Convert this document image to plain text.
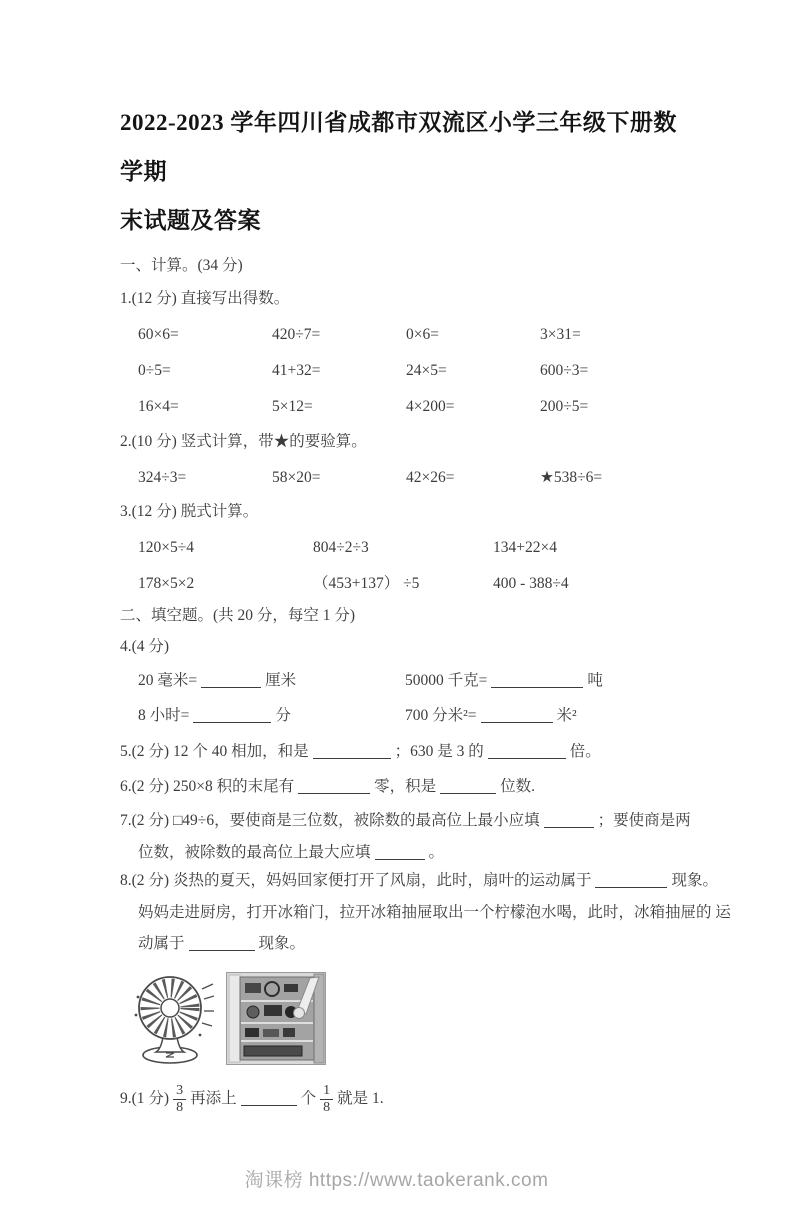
2022-2023 学年四川省成都市双流区小学三年级下册数学期
末试题及答案
一、计算。(34 分)
1.(12 分) 直接写出得数。
60×6=	420÷7=	0×6=	3×31=
0÷5=	41+32=	24×5=	600÷3=
16×4=	5×12=	4×200=	200÷5=
2.(10 分) 竖式计算，带★的要验算。
324÷3=	58×20=	42×26=	★538÷6=
3.(12 分) 脱式计算。
120×5÷4	804÷2÷3	134+22×4
178×5×2	（453+137） ÷5	400 - 388÷4
二、填空题。(共 20 分，每空 1 分)
4.(4 分)
20 毫米=	厘米	50000 千克=	吨
8 小时=	分	700 分米²=	米²
5.(2 分) 12 个 40 相加，和是	；630 是 3 的	倍。
6.(2 分) 250×8 积的末尾有	零，积是	位数.
7.(2 分) □49÷6，要使商是三位数，被除数的最高位上最小应填	；要使商是两
位数，被除数的最高位上最大应填	。
8.(2 分) 炎热的夏天，妈妈回家便打开了风扇，此时，扇叶的运动属于	现象。
妈妈走进厨房，打开冰箱门，拉开冰箱抽屉取出一个柠檬泡水喝，此时，冰箱抽屉的 运
动属于	现象。
9.(1 分) $\frac{3}{8}$ 再添上	个 $\frac{1}{8}$ 就是 1.
淘课榜 https://www.taokerank.com
